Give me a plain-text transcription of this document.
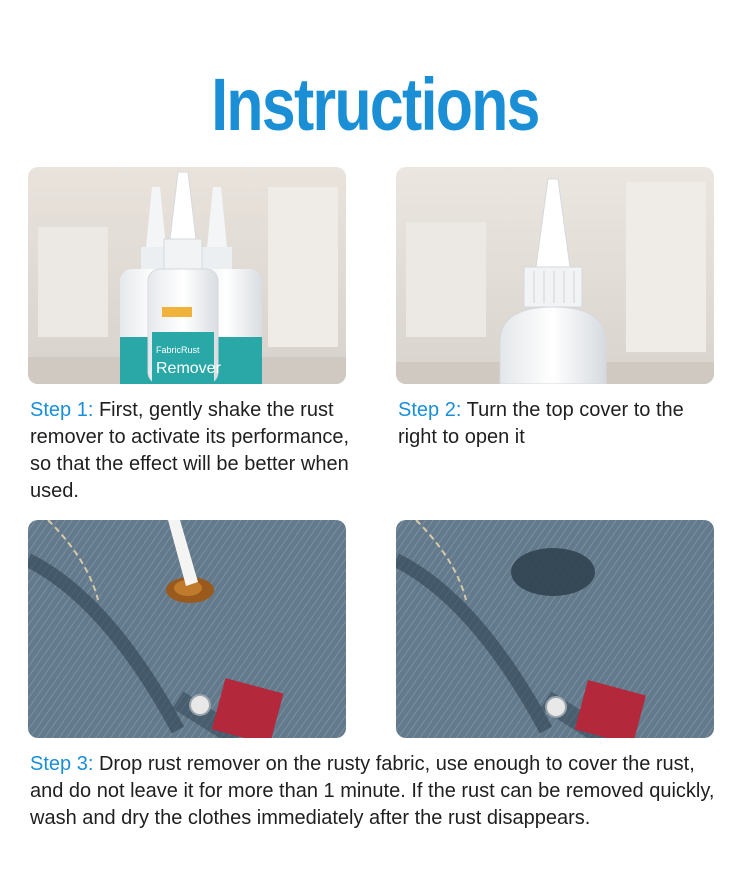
Instructions
FabricRust
Remover

Step 1: First, gently shake the rust remover to activate its performance, so that the effect will be better when used.

Step 2: Turn the top cover to the right to open it

Step 3: Drop rust remover on the rusty fabric, use enough to cover the rust, and do not leave it for more than 1 minute. If the rust can be removed quickly, wash and dry the clothes immediately after the rust disappears.
